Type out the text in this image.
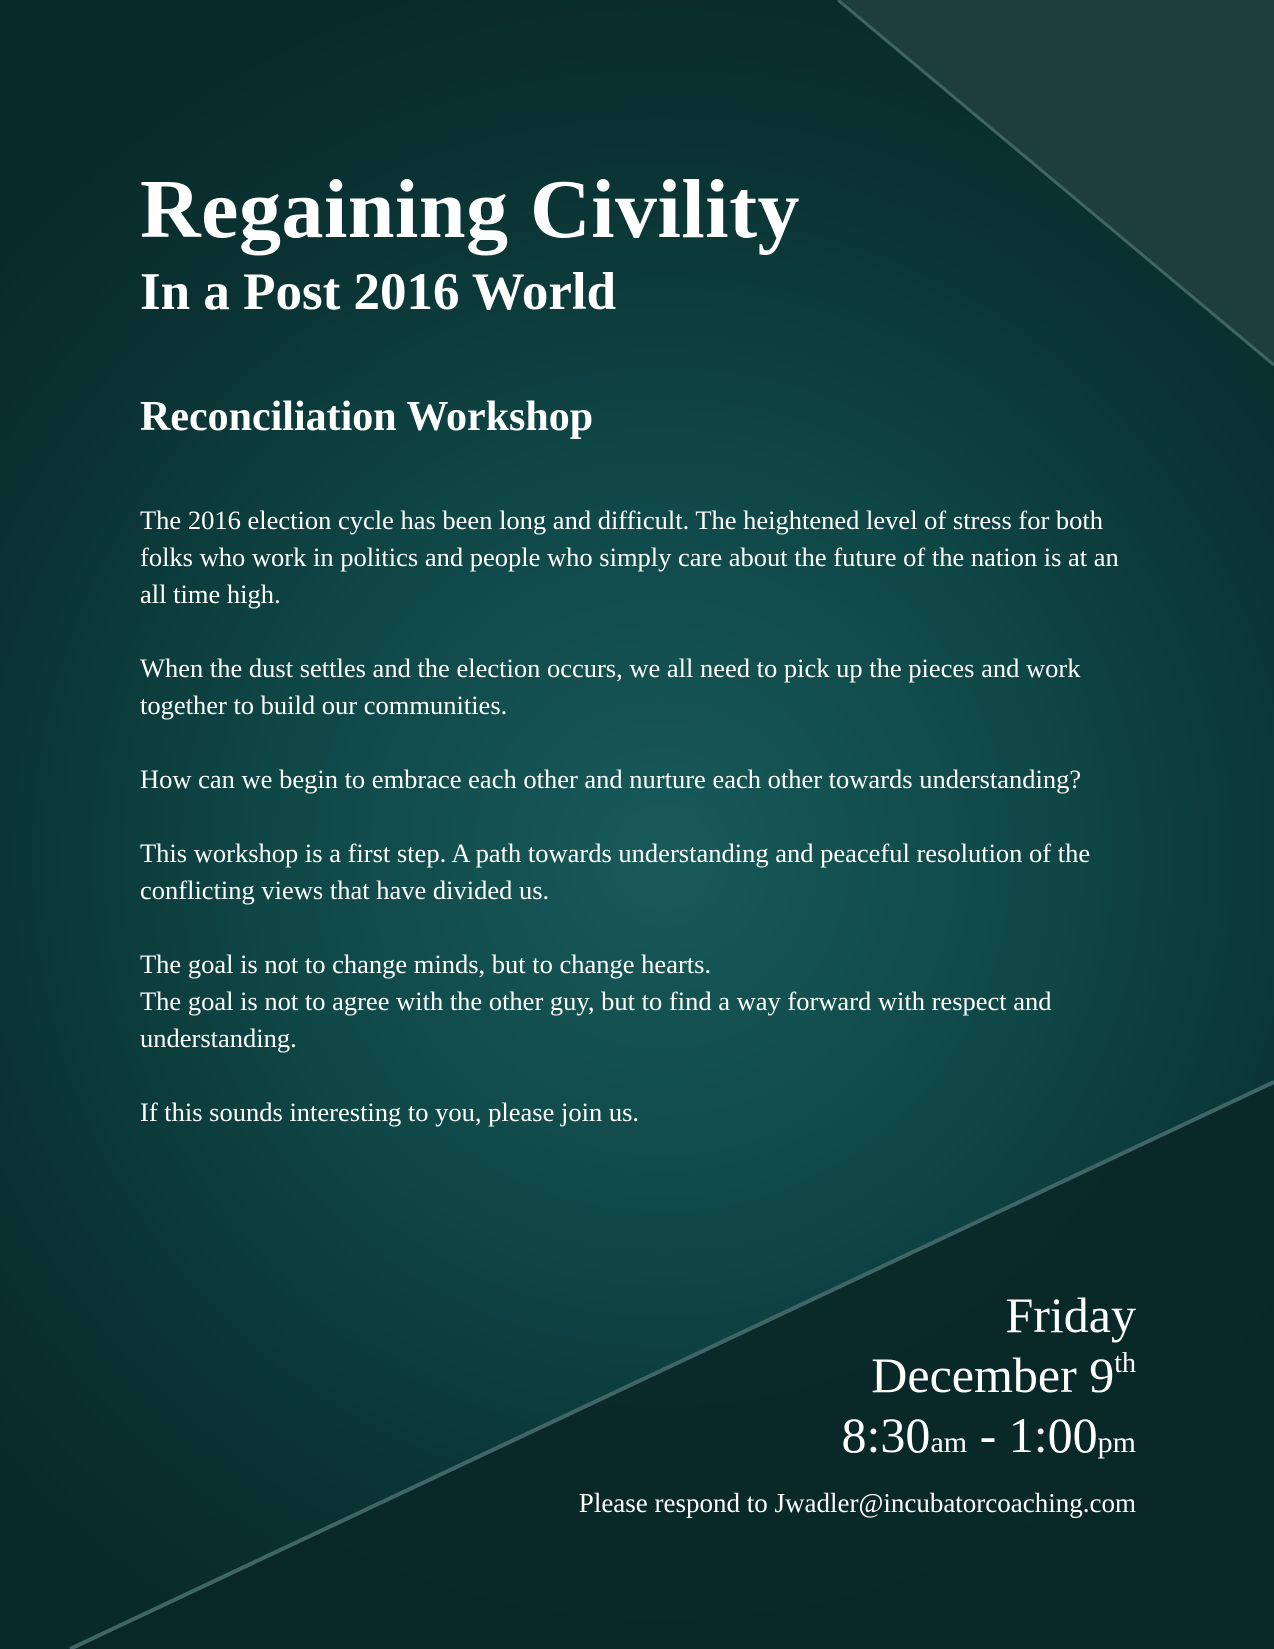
Regaining Civility
In a Post 2016 World
Reconciliation Workshop

The 2016 election cycle has been long and difficult. The heightened level of stress for both folks who work in politics and people who simply care about the future of the nation is at an all time high.

When the dust settles and the election occurs, we all need to pick up the pieces and work together to build our communities.

How can we begin to embrace each other and nurture each other towards understanding?

This workshop is a first step. A path towards understanding and peaceful resolution of the conflicting views that have divided us.

The goal is not to change minds, but to change hearts.
The goal is not to agree with the other guy, but to find a way forward with respect and understanding.

If this sounds interesting to you, please join us.

Friday
December 9th
8:30am - 1:00pm
Please respond to Jwadler@incubatorcoaching.com
